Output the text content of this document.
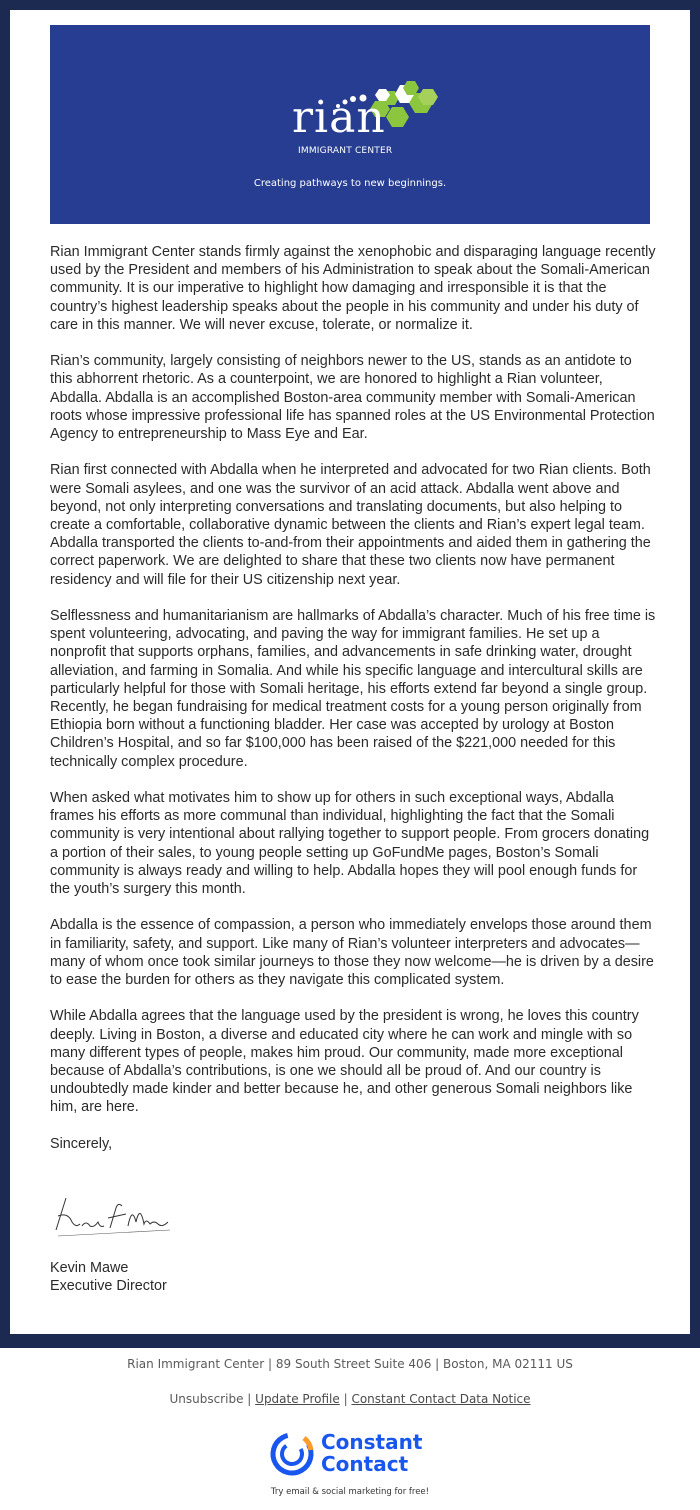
rian
IMMIGRANT CENTER
Creating pathways to new beginnings.

Rian Immigrant Center stands firmly against the xenophobic and disparaging language recently used by the President and members of his Administration to speak about the Somali-American community. It is our imperative to highlight how damaging and irresponsible it is that the country’s highest leadership speaks about the people in his community and under his duty of care in this manner. We will never excuse, tolerate, or normalize it.

Rian’s community, largely consisting of neighbors newer to the US, stands as an antidote to this abhorrent rhetoric. As a counterpoint, we are honored to highlight a Rian volunteer, Abdalla. Abdalla is an accomplished Boston-area community member with Somali-American roots whose impressive professional life has spanned roles at the US Environmental Protection Agency to entrepreneurship to Mass Eye and Ear.

Rian first connected with Abdalla when he interpreted and advocated for two Rian clients. Both were Somali asylees, and one was the survivor of an acid attack. Abdalla went above and beyond, not only interpreting conversations and translating documents, but also helping to create a comfortable, collaborative dynamic between the clients and Rian’s expert legal team. Abdalla transported the clients to-and-from their appointments and aided them in gathering the correct paperwork. We are delighted to share that these two clients now have permanent residency and will file for their US citizenship next year.

Selflessness and humanitarianism are hallmarks of Abdalla’s character. Much of his free time is spent volunteering, advocating, and paving the way for immigrant families. He set up a nonprofit that supports orphans, families, and advancements in safe drinking water, drought alleviation, and farming in Somalia. And while his specific language and intercultural skills are particularly helpful for those with Somali heritage, his efforts extend far beyond a single group. Recently, he began fundraising for medical treatment costs for a young person originally from Ethiopia born without a functioning bladder. Her case was accepted by urology at Boston Children’s Hospital, and so far $100,000 has been raised of the $221,000 needed for this technically complex procedure.

When asked what motivates him to show up for others in such exceptional ways, Abdalla frames his efforts as more communal than individual, highlighting the fact that the Somali community is very intentional about rallying together to support people. From grocers donating a portion of their sales, to young people setting up GoFundMe pages, Boston’s Somali community is always ready and willing to help. Abdalla hopes they will pool enough funds for the youth’s surgery this month.

Abdalla is the essence of compassion, a person who immediately envelops those around them in familiarity, safety, and support. Like many of Rian’s volunteer interpreters and advocates—many of whom once took similar journeys to those they now welcome—he is driven by a desire to ease the burden for others as they navigate this complicated system.

While Abdalla agrees that the language used by the president is wrong, he loves this country deeply. Living in Boston, a diverse and educated city where he can work and mingle with so many different types of people, makes him proud. Our community, made more exceptional because of Abdalla’s contributions, is one we should all be proud of. And our country is undoubtedly made kinder and better because he, and other generous Somali neighbors like him, are here.

Sincerely,

Kevin Mawe
Executive Director
Rian Immigrant Center | 89 South Street Suite 406 | Boston, MA 02111 US
Unsubscribe | Update Profile | Constant Contact Data Notice
Constant
Contact
Try email & social marketing for free!
